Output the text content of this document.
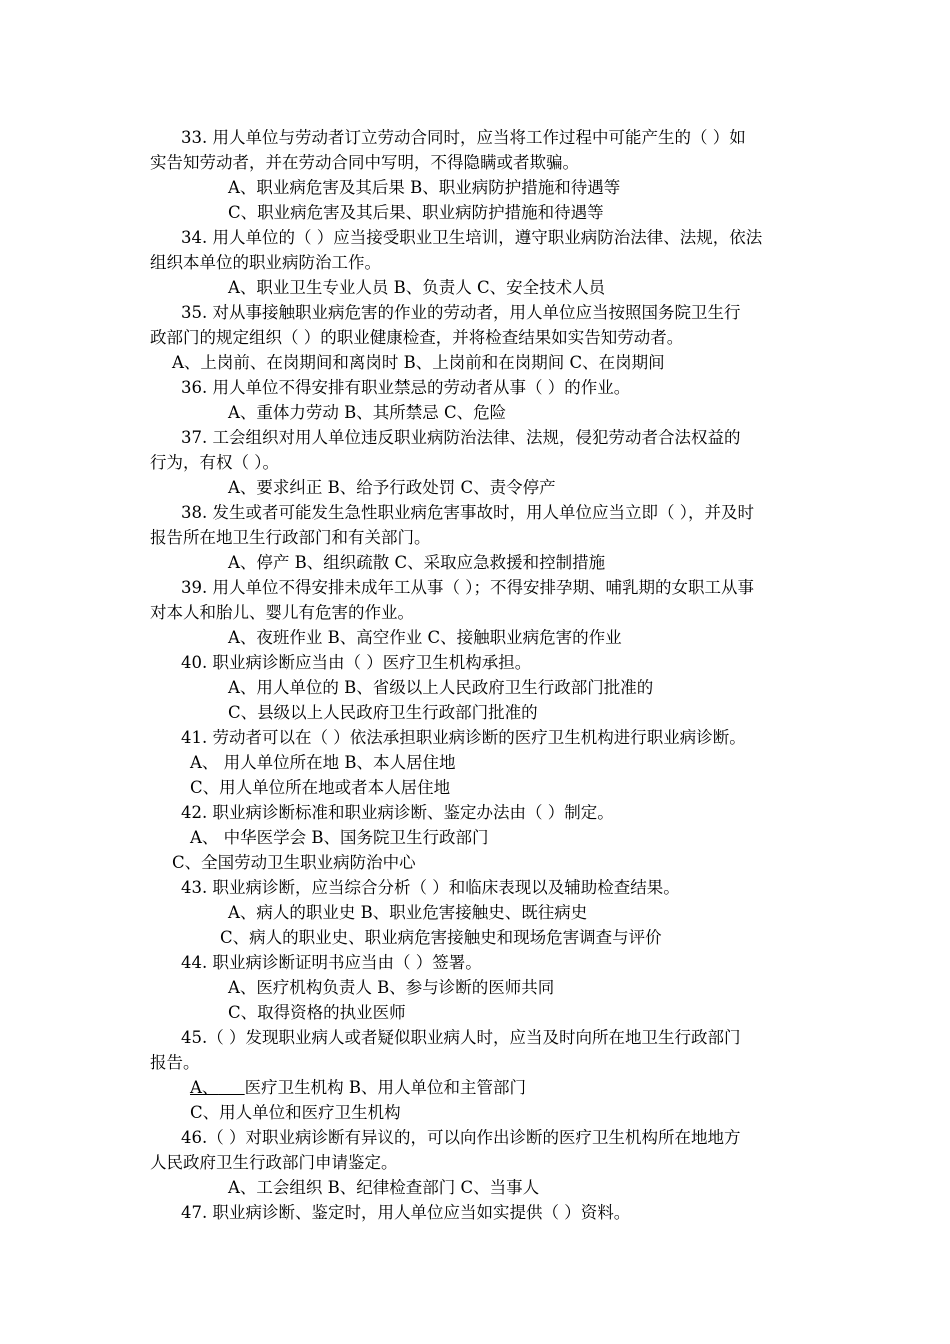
33. 用人单位与劳动者订立劳动合同时，应当将工作过程中可能产生的（ ）如
实告知劳动者，并在劳动合同中写明，不得隐瞒或者欺骗。
A、职业病危害及其后果 B、职业病防护措施和待遇等
C、职业病危害及其后果、职业病防护措施和待遇等
34. 用人单位的（ ）应当接受职业卫生培训，遵守职业病防治法律、法规，依法
组织本单位的职业病防治工作。
A、职业卫生专业人员 B、负责人 C、安全技术人员
35. 对从事接触职业病危害的作业的劳动者，用人单位应当按照国务院卫生行
政部门的规定组织（ ）的职业健康检查，并将检查结果如实告知劳动者。
A、上岗前、在岗期间和离岗时 B、上岗前和在岗期间 C、在岗期间
36. 用人单位不得安排有职业禁忌的劳动者从事（ ）的作业。
A、重体力劳动 B、其所禁忌 C、危险
37. 工会组织对用人单位违反职业病防治法律、法规，侵犯劳动者合法权益的
行为，有权（ ）。
A、要求纠正 B、给予行政处罚 C、责令停产
38. 发生或者可能发生急性职业病危害事故时，用人单位应当立即（ ），并及时
报告所在地卫生行政部门和有关部门。
A、停产 B、组织疏散 C、采取应急救援和控制措施
39. 用人单位不得安排未成年工从事（ ）；不得安排孕期、哺乳期的女职工从事
对本人和胎儿、婴儿有危害的作业。
A、夜班作业 B、高空作业 C、接触职业病危害的作业
40. 职业病诊断应当由（ ）医疗卫生机构承担。
A、用人单位的 B、省级以上人民政府卫生行政部门批准的
C、县级以上人民政府卫生行政部门批准的
41. 劳动者可以在（ ）依法承担职业病诊断的医疗卫生机构进行职业病诊断。
A、 用人单位所在地 B、本人居住地
C、用人单位所在地或者本人居住地
42. 职业病诊断标准和职业病诊断、鉴定办法由（ ）制定。
A、 中华医学会 B、国务院卫生行政部门
C、全国劳动卫生职业病防治中心
43. 职业病诊断，应当综合分析（ ）和临床表现以及辅助检查结果。
A、病人的职业史 B、职业危害接触史、既往病史
C、病人的职业史、职业病危害接触史和现场危害调查与评价
44. 职业病诊断证明书应当由（ ）签署。
A、医疗机构负责人 B、参与诊断的医师共同
C、取得资格的执业医师
45.（ ）发现职业病人或者疑似职业病人时，应当及时向所在地卫生行政部门
报告。
A、 医疗卫生机构 B、用人单位和主管部门
C、用人单位和医疗卫生机构
46.（ ）对职业病诊断有异议的，可以向作出诊断的医疗卫生机构所在地地方
人民政府卫生行政部门申请鉴定。
A、工会组织 B、纪律检查部门 C、当事人
47. 职业病诊断、鉴定时，用人单位应当如实提供（ ）资料。
